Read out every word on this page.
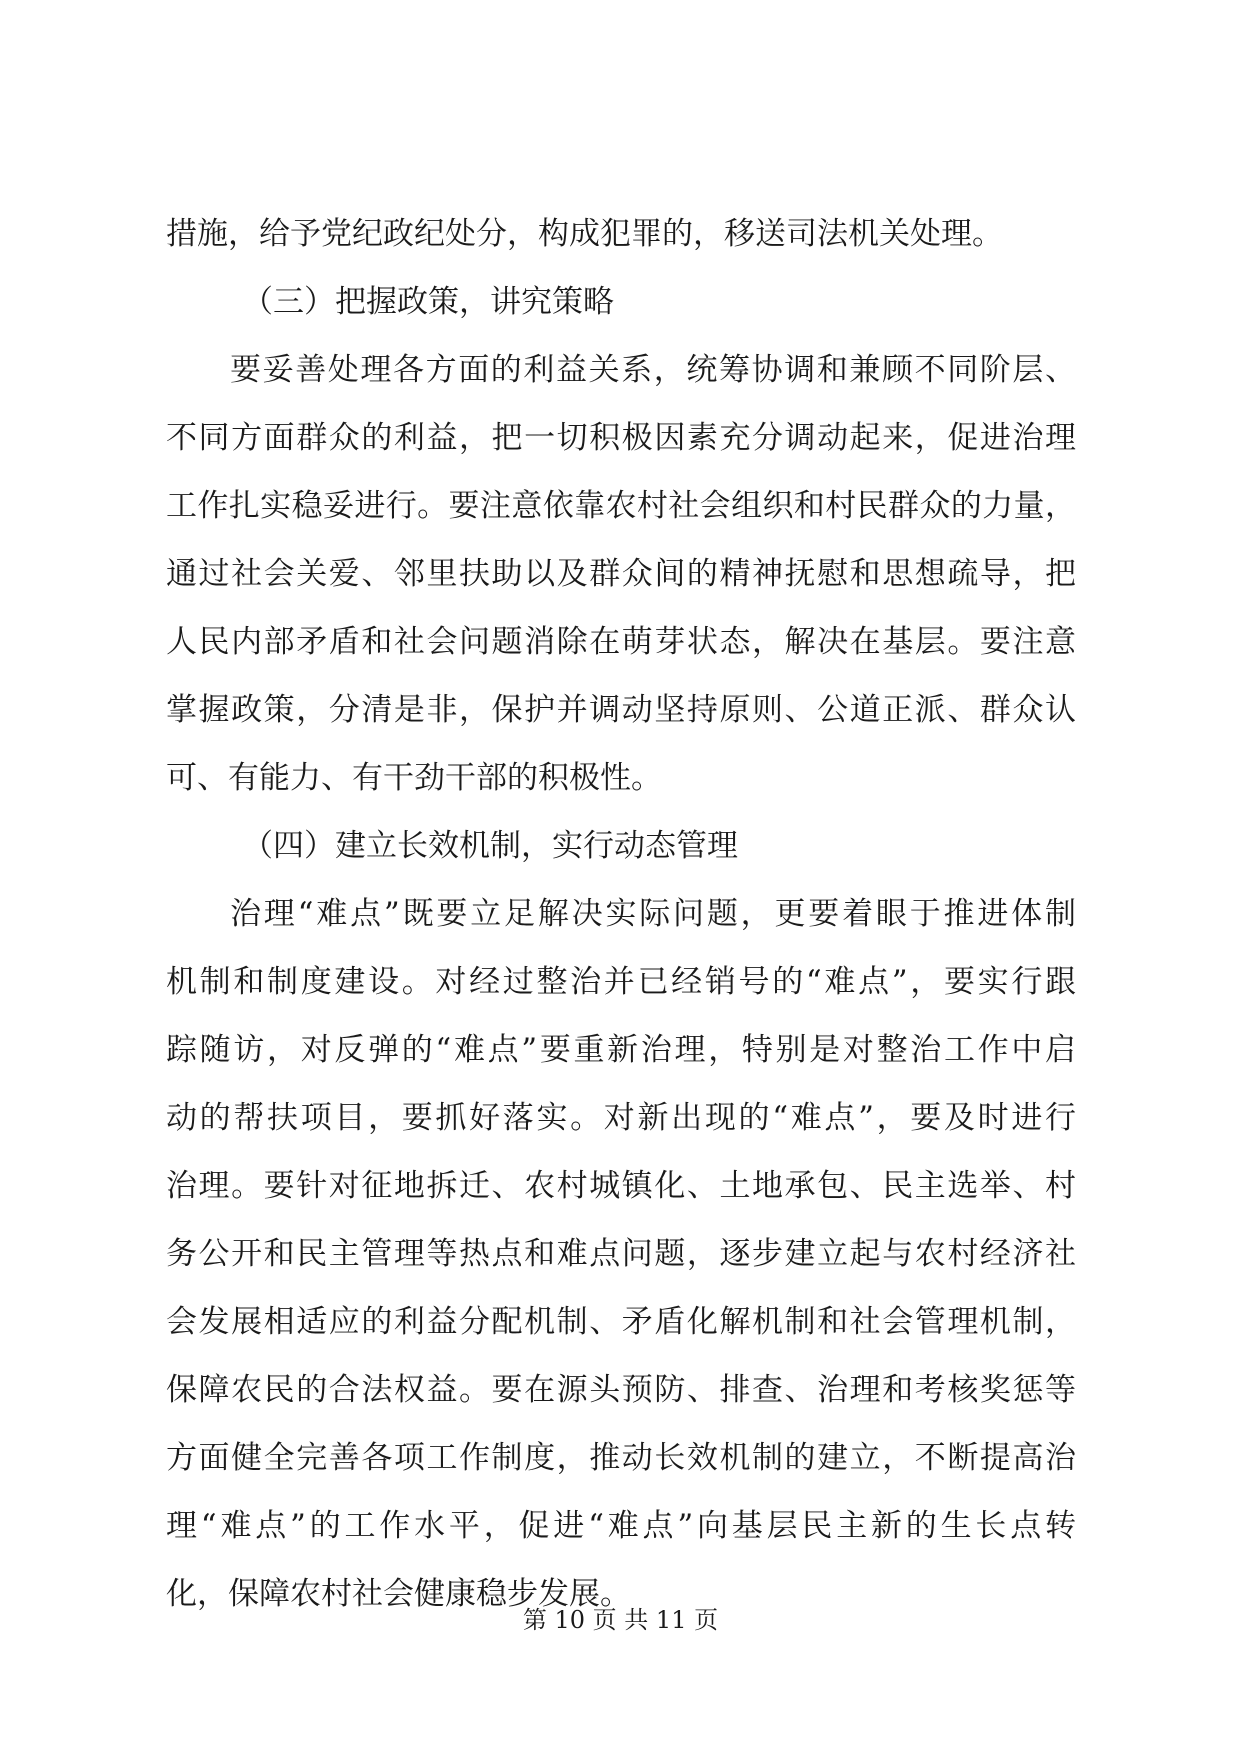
措施，给予党纪政纪处分，构成犯罪的，移送司法机关处理。
（三）把握政策，讲究策略
要妥善处理各方面的利益关系，统筹协调和兼顾不同阶层、
不同方面群众的利益，把一切积极因素充分调动起来，促进治理
工作扎实稳妥进行。要注意依靠农村社会组织和村民群众的力量，
通过社会关爱、邻里扶助以及群众间的精神抚慰和思想疏导，把
人民内部矛盾和社会问题消除在萌芽状态，解决在基层。要注意
掌握政策，分清是非，保护并调动坚持原则、公道正派、群众认
可、有能力、有干劲干部的积极性。
（四）建立长效机制，实行动态管理
治理“难点”既要立足解决实际问题，更要着眼于推进体制
机制和制度建设。对经过整治并已经销号的“难点”，要实行跟
踪随访，对反弹的“难点”要重新治理，特别是对整治工作中启
动的帮扶项目，要抓好落实。对新出现的“难点”，要及时进行
治理。要针对征地拆迁、农村城镇化、土地承包、民主选举、村
务公开和民主管理等热点和难点问题，逐步建立起与农村经济社
会发展相适应的利益分配机制、矛盾化解机制和社会管理机制，
保障农民的合法权益。要在源头预防、排查、治理和考核奖惩等
方面健全完善各项工作制度，推动长效机制的建立，不断提高治
理“难点”的工作水平，促进“难点”向基层民主新的生长点转
化，保障农村社会健康稳步发展。
第 10 页 共 11 页
